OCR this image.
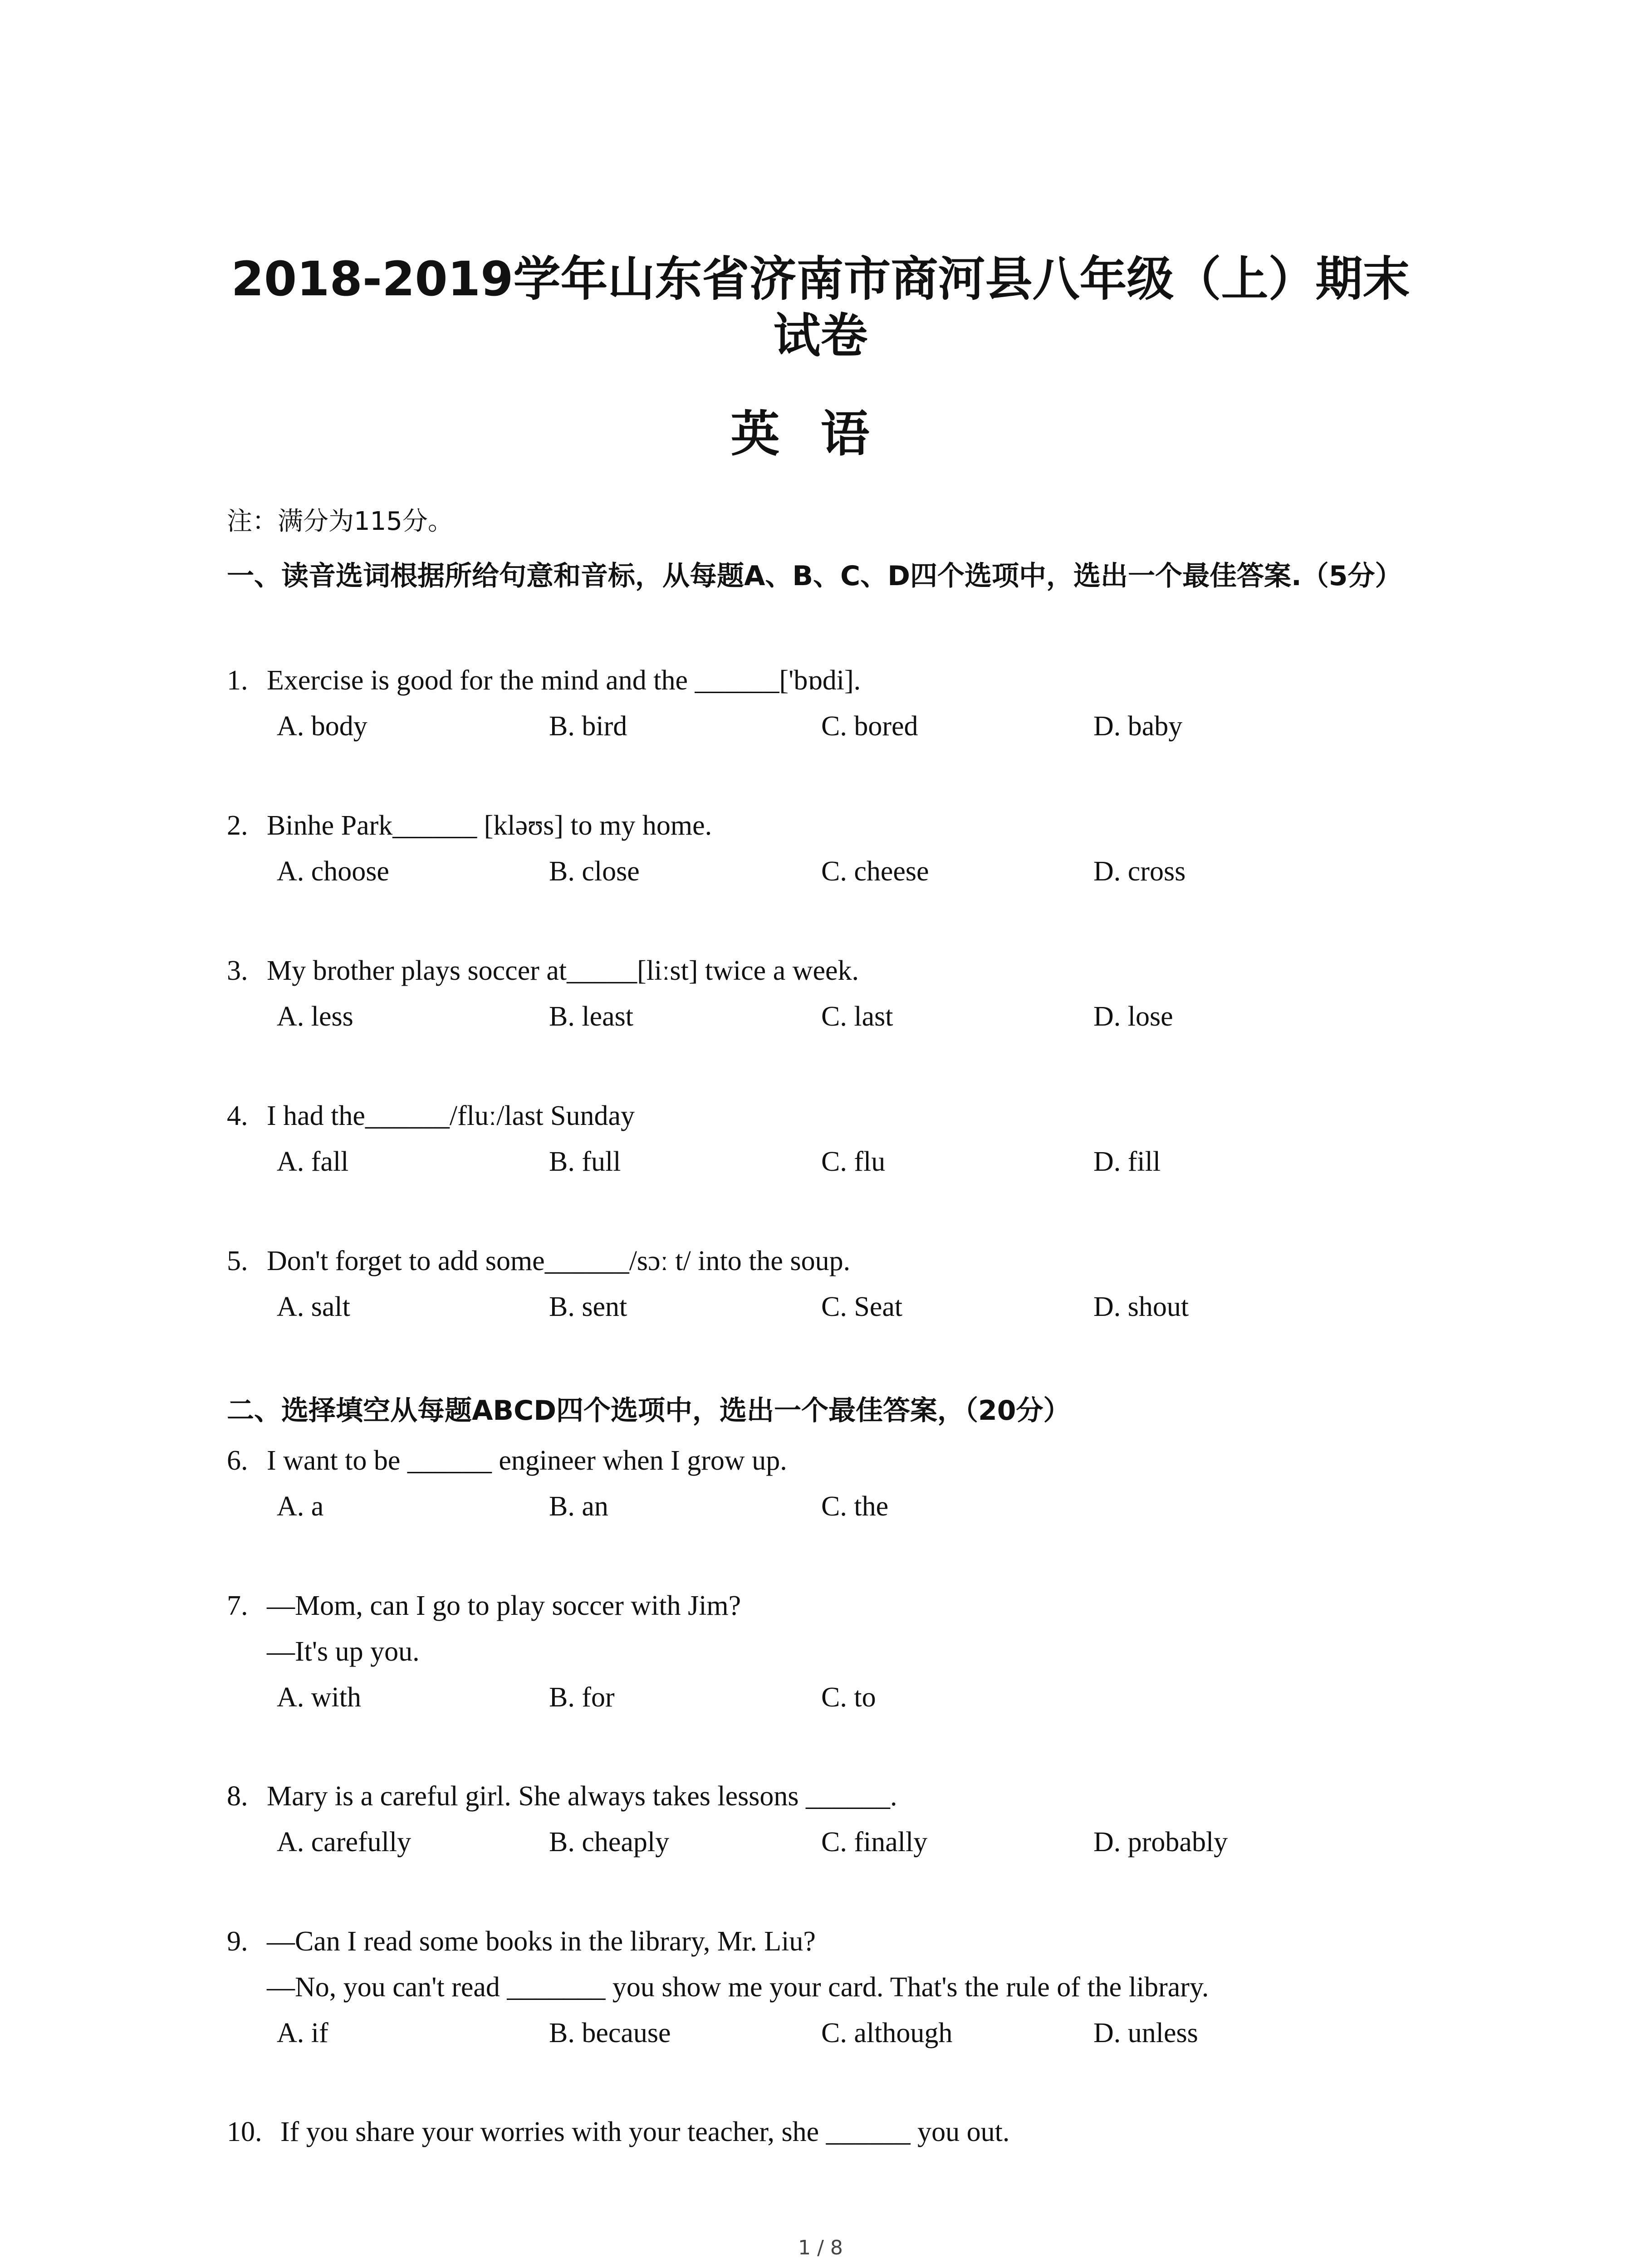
2018-2019学年山东省济南市商河县八年级（上）期末
试卷
英语

注：满分为115分。

一、读音选词根据所给句意和音标，从每题A、B、C、D四个选项中，选出一个最佳答案.（5分）

1. Exercise is good for the mind and the ______['bɒdi].
A. body	B. bird	C. bored	D. baby
2. Binhe Park______ [kləʊs] to my home.
A. choose	B. close	C. cheese	D. cross
3. My brother plays soccer at_____[liːst] twice a week.
A. less	B. least	C. last	D. lose
4. I had the______/fluː/last Sunday
A. fall	B. full	C. flu	D. fill
5. Don't forget to add some______/sɔː t/ into the soup.
A. salt	B. sent	C. Seat	D. shout

二、选择填空从每题ABCD四个选项中，选出一个最佳答案，（20分）

6. I want to be ______ engineer when I grow up.
A. a	B. an	C. the
7. —Mom, can I go to play soccer with Jim?
—It's up you.
A. with	B. for	C. to
8. Mary is a careful girl. She always takes lessons ______.
A. carefully	B. cheaply	C. finally	D. probably
9. —Can I read some books in the library, Mr. Liu?
—No, you can't read _______ you show me your card. That's the rule of the library.
A. if	B. because	C. although	D. unless
10. If you share your worries with your teacher, she ______ you out.
1 / 8
